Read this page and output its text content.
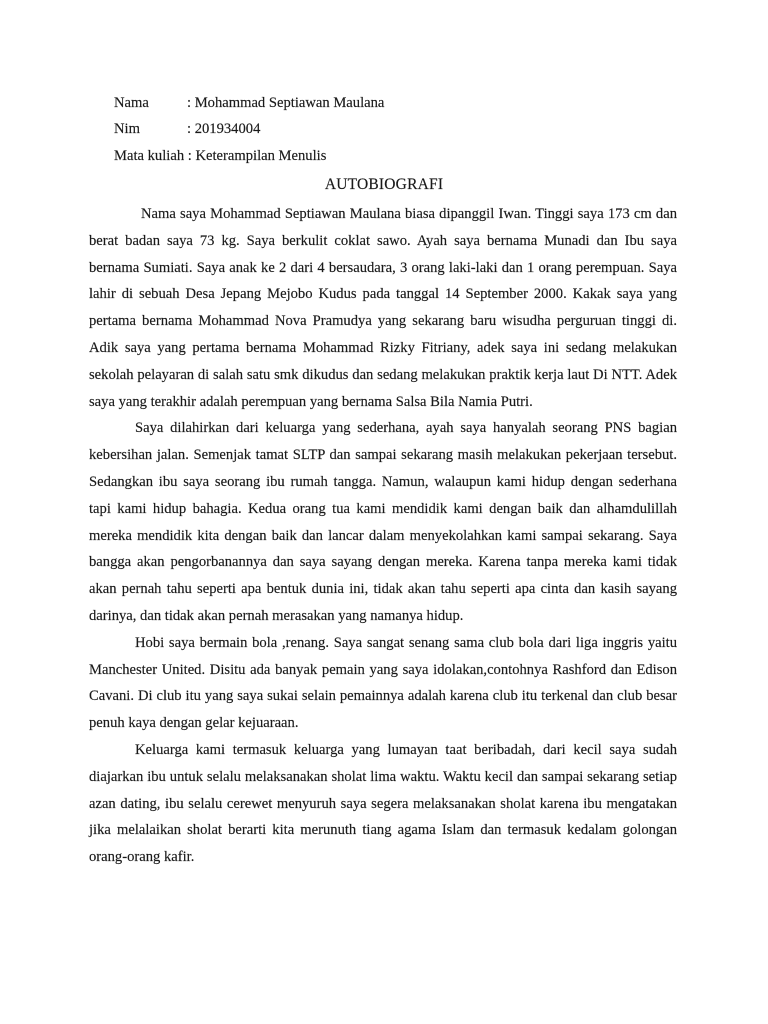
Nama	: Mohammad Septiawan Maulana
Nim	: 201934004
Mata kuliah : Keterampilan Menulis
AUTOBIOGRAFI

Nama saya Mohammad Septiawan Maulana biasa dipanggil Iwan. Tinggi saya 173 cm dan berat badan saya 73 kg. Saya berkulit coklat sawo. Ayah saya bernama Munadi dan Ibu saya bernama Sumiati. Saya anak ke 2 dari 4 bersaudara, 3 orang laki-laki dan 1 orang perempuan. Saya lahir di sebuah Desa Jepang Mejobo Kudus pada tanggal 14 September 2000. Kakak saya yang pertama bernama Mohammad Nova Pramudya yang sekarang baru wisudha perguruan tinggi di. Adik saya yang pertama bernama Mohammad Rizky Fitriany, adek saya ini sedang melakukan sekolah pelayaran di salah satu smk dikudus dan sedang melakukan praktik kerja laut Di NTT. Adek saya yang terakhir adalah perempuan yang bernama Salsa Bila Namia Putri.

Saya dilahirkan dari keluarga yang sederhana, ayah saya hanyalah seorang PNS bagian kebersihan jalan. Semenjak tamat SLTP dan sampai sekarang masih melakukan pekerjaan tersebut. Sedangkan ibu saya seorang ibu rumah tangga. Namun, walaupun kami hidup dengan sederhana tapi kami hidup bahagia. Kedua orang tua kami mendidik kami dengan baik dan alhamdulillah mereka mendidik kita dengan baik dan lancar dalam menyekolahkan kami sampai sekarang. Saya bangga akan pengorbanannya dan saya sayang dengan mereka. Karena tanpa mereka kami tidak akan pernah tahu seperti apa bentuk dunia ini, tidak akan tahu seperti apa cinta dan kasih sayang darinya, dan tidak akan pernah merasakan yang namanya hidup.

Hobi saya bermain bola ,renang. Saya sangat senang sama club bola dari liga inggris yaitu Manchester United. Disitu ada banyak pemain yang saya idolakan,contohnya Rashford dan Edison Cavani. Di club itu yang saya sukai selain pemainnya adalah karena club itu terkenal dan club besar penuh kaya dengan gelar kejuaraan.

Keluarga kami termasuk keluarga yang lumayan taat beribadah, dari kecil saya sudah diajarkan ibu untuk selalu melaksanakan sholat lima waktu. Waktu kecil dan sampai sekarang setiap azan dating, ibu selalu cerewet menyuruh saya segera melaksanakan sholat karena ibu mengatakan jika melalaikan sholat berarti kita merunuth tiang agama Islam dan termasuk kedalam golongan orang-orang kafir.
